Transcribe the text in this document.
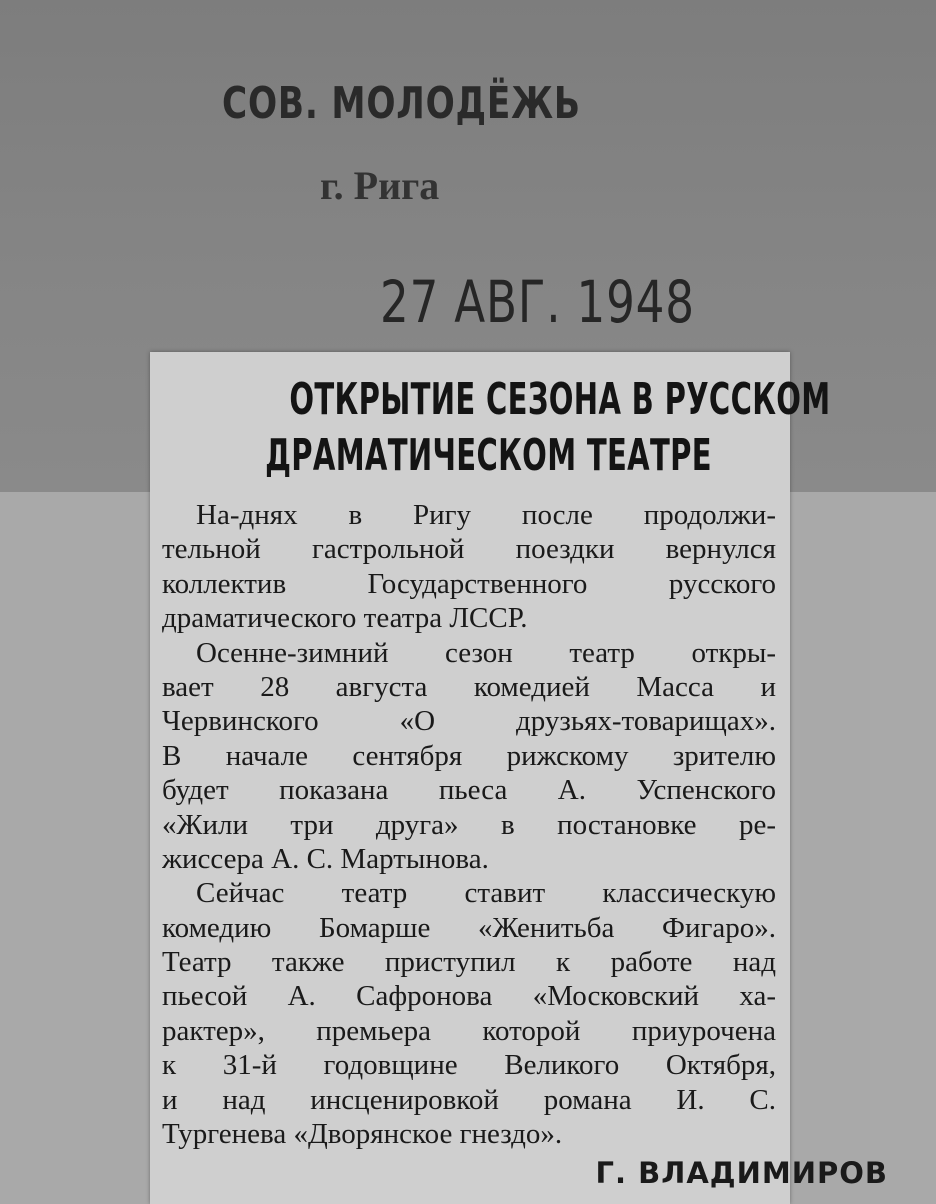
СОВ. МОЛОДЁЖЬ
г. Рига
27 АВГ. 1948
ОТКРЫТИЕ СЕЗОНА В РУССКОМ
ДРАМАТИЧЕСКОМ ТЕАТРЕ
На-днях в Ригу после продолжи-
тельной гастрольной поездки вернулся
коллектив Государственного русского
драматического театра ЛССР.
Осенне-зимний сезон театр откры-
вает 28 августа комедией Масса и
Червинского «О друзьях-товарищах».
В начале сентября рижскому зрителю
будет показана пьеса А. Успенского
«Жили три друга» в постановке ре-
жиссера А. С. Мартынова.
Сейчас театр ставит классическую
комедию Бомарше «Женитьба Фигаро».
Театр также приступил к работе над
пьесой А. Сафронова «Московский ха-
рактер», премьера которой приурочена
к 31-й годовщине Великого Октября,
и над инсценировкой романа И. С.
Тургенева «Дворянское гнездо».
Г. ВЛАДИМИРОВ
